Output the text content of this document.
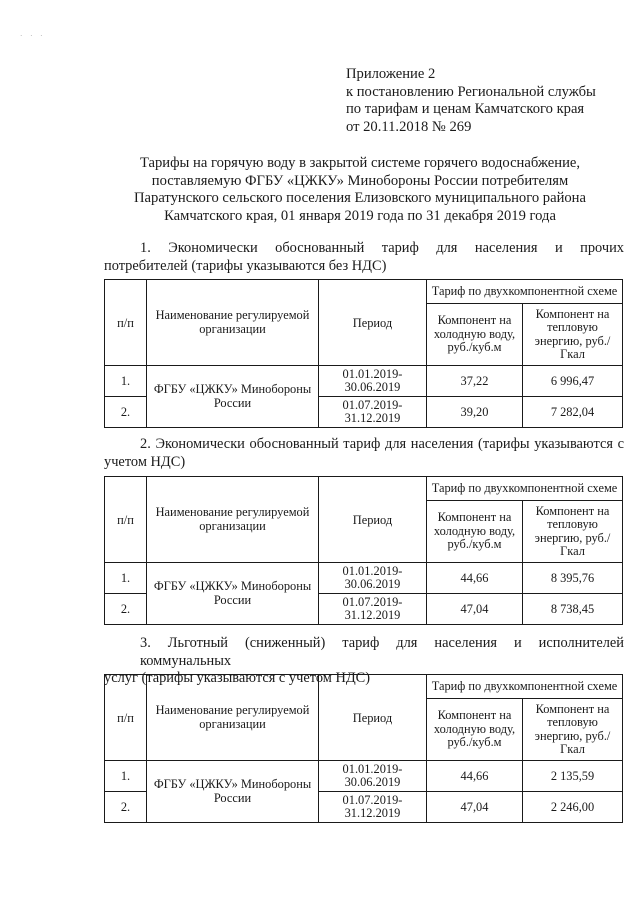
· · ·
Приложение 2
к постановлению Региональной службы
по тарифам и ценам Камчатского края
от 20.11.2018 № 269
Тарифы на горячую воду в закрытой системе горячего водоснабжение,
поставляемую ФГБУ «ЦЖКУ» Минобороны России потребителям
Паратунского сельского поселения Елизовского муниципального района
Камчатского края, 01 января 2019 года по 31 декабря 2019 года
1. Экономически обоснованный тариф для населения и прочих
потребителей (тарифы указываются без НДС)
п/п	Наименование регулируемой организации	Период	Тариф по двухкомпонентной схеме	
			Компонент на холодную воду, руб./куб.м	Компонент на тепловую энергию, руб./Гкал
1.	ФГБУ «ЦЖКУ» Минобороны России	01.01.2019-30.06.2019	37,22	6 996,47
2.		01.07.2019-31.12.2019	39,20	7 282,04
2. Экономически обоснованный тариф для населения (тарифы указываются с
учетом НДС)
п/п	Наименование регулируемой организации	Период	Тариф по двухкомпонентной схеме	
			Компонент на холодную воду, руб./куб.м	Компонент на тепловую энергию, руб./Гкал
1.	ФГБУ «ЦЖКУ» Минобороны России	01.01.2019-30.06.2019	44,66	8 395,76
2.		01.07.2019-31.12.2019	47,04	8 738,45
3. Льготный (сниженный) тариф для населения и исполнителей коммунальных
услуг (тарифы указываются с учетом НДС)
п/п	Наименование регулируемой организации	Период	Тариф по двухкомпонентной схеме	
			Компонент на холодную воду, руб./куб.м	Компонент на тепловую энергию, руб./Гкал
1.	ФГБУ «ЦЖКУ» Минобороны России	01.01.2019-30.06.2019	44,66	2 135,59
2.		01.07.2019-31.12.2019	47,04	2 246,00
